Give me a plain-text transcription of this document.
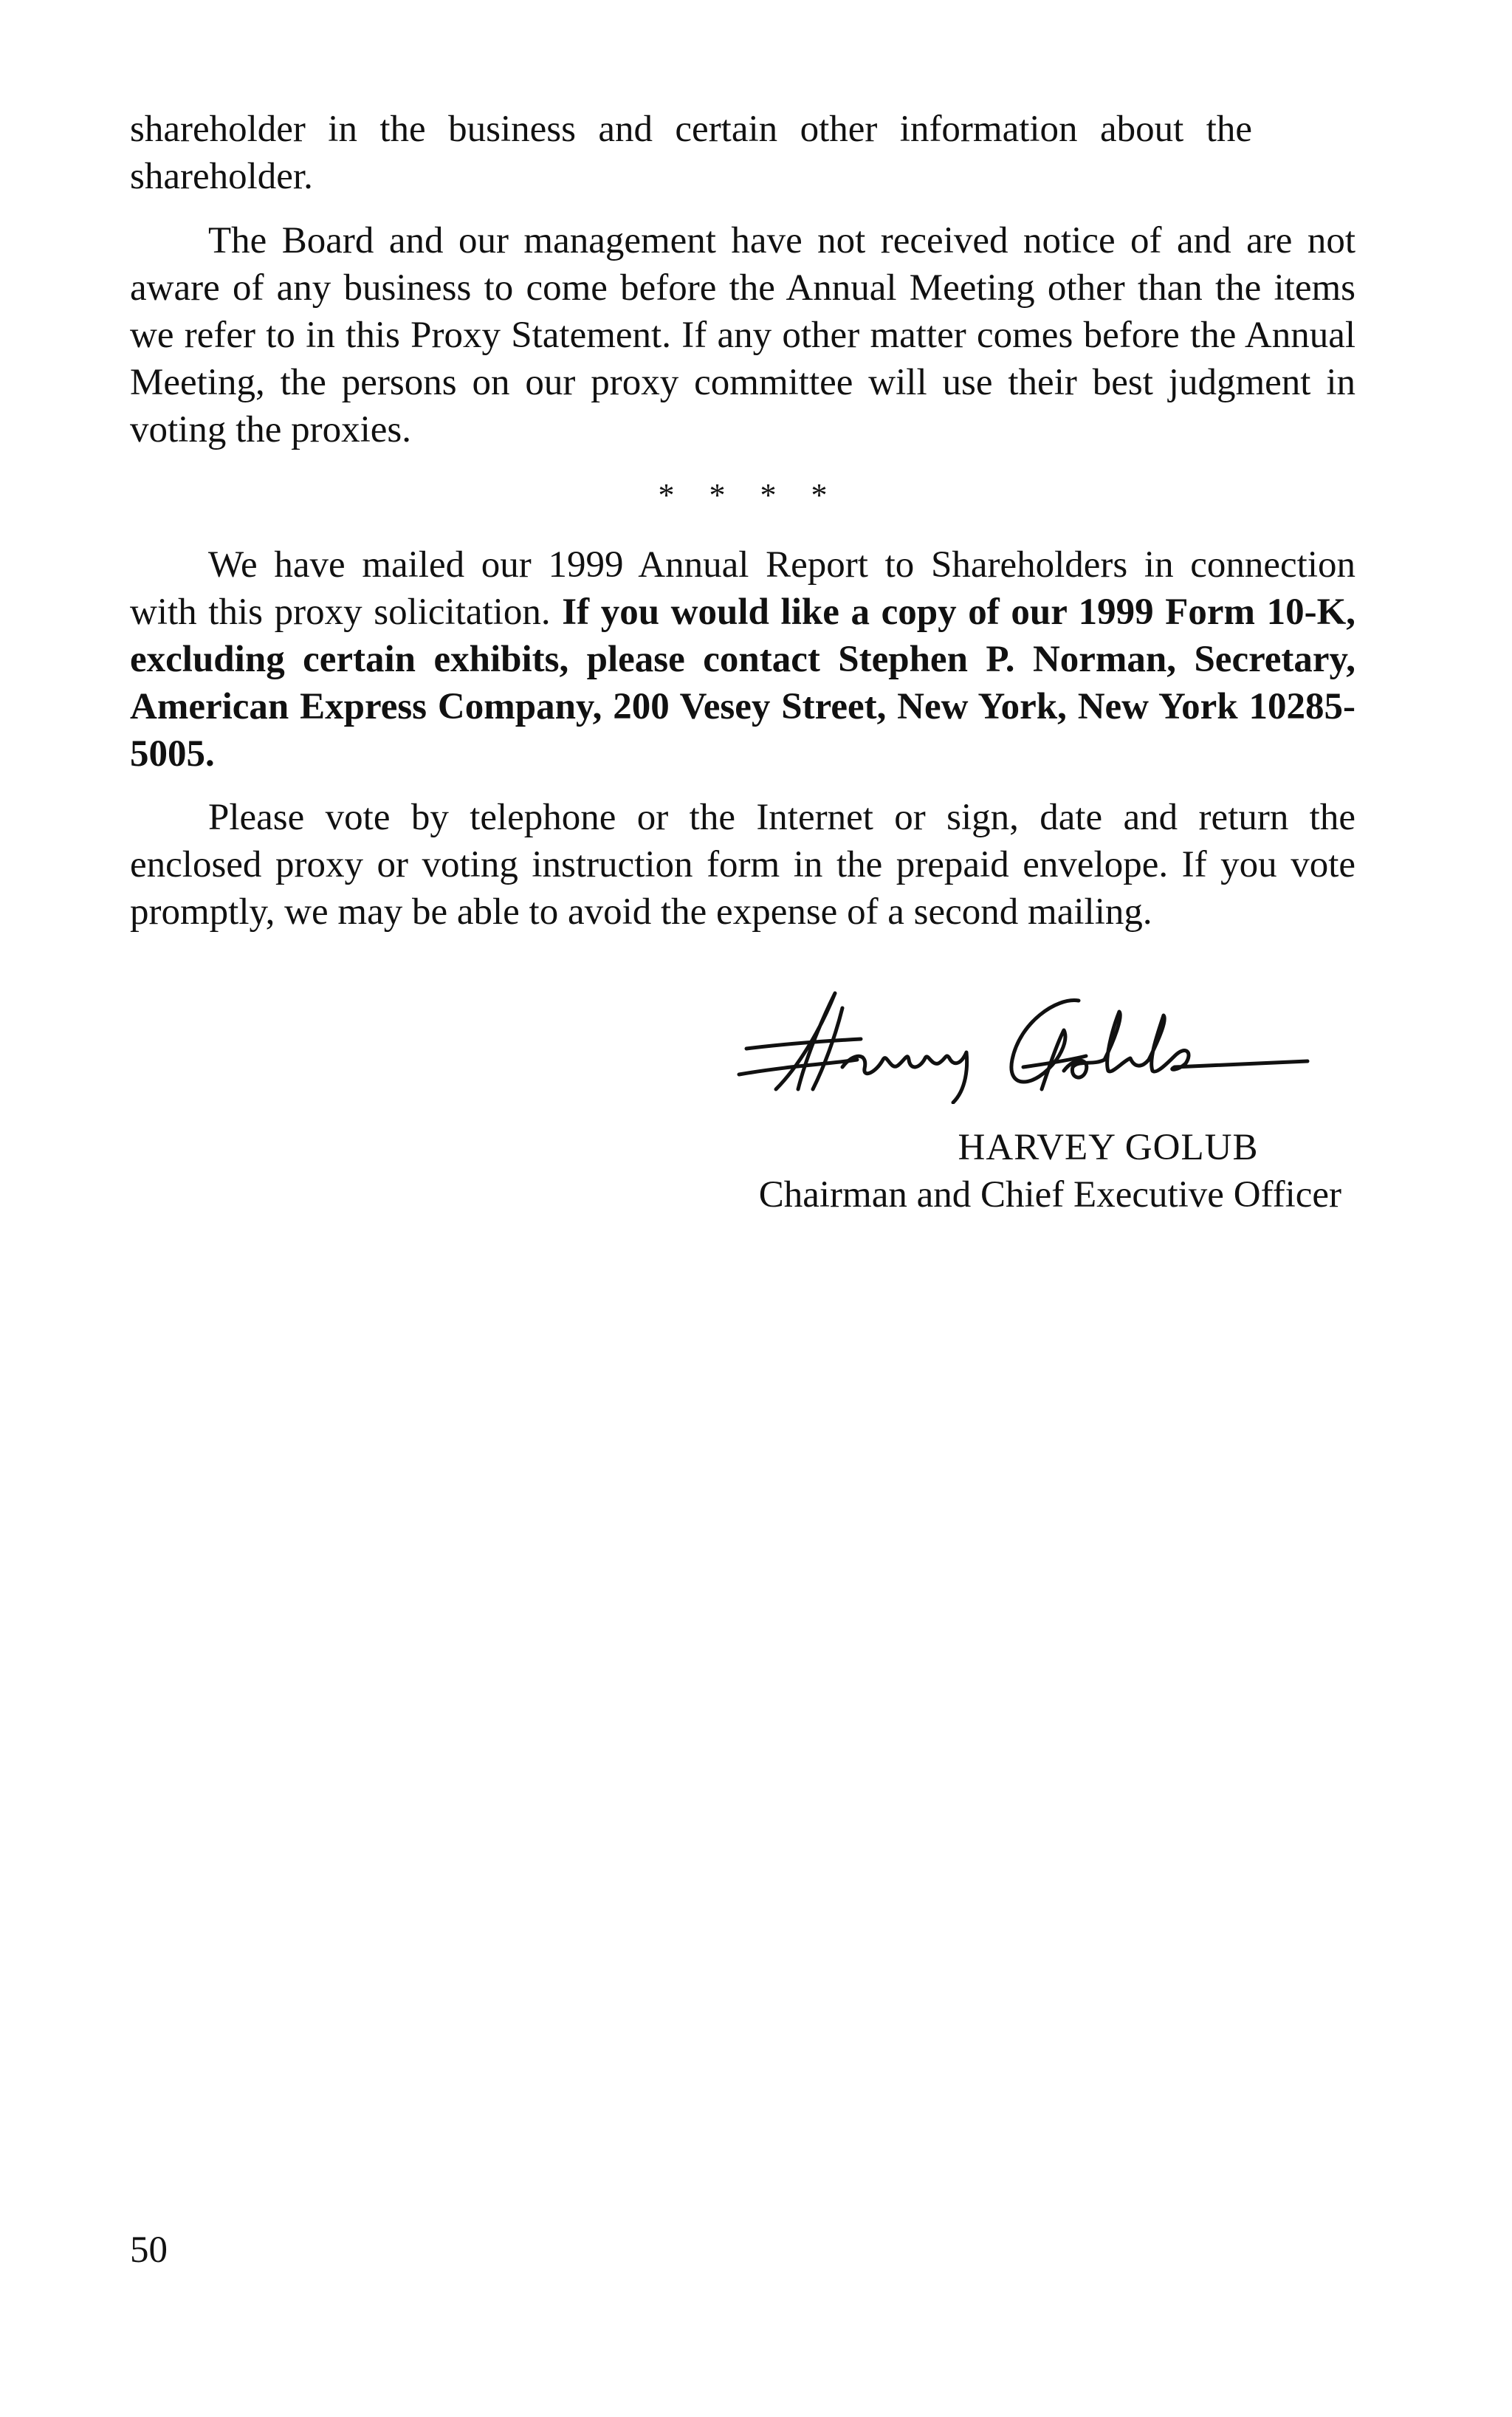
shareholder in the business and certain other information about the shareholder.

The Board and our management have not received notice of and are not aware of any business to come before the Annual Meeting other than the items we refer to in this Proxy Statement. If any other matter comes before the Annual Meeting, the persons on our proxy committee will use their best judgment in voting the proxies.

* * * *

We have mailed our 1999 Annual Report to Shareholders in connection with this proxy solicitation. If you would like a copy of our 1999 Form 10-K, excluding certain exhibits, please contact Stephen P. Norman, Secretary, American Express Company, 200 Vesey Street, New York, New York 10285-5005.

Please vote by telephone or the Internet or sign, date and return the enclosed proxy or voting instruction form in the prepaid envelope. If you vote promptly, we may be able to avoid the expense of a second mailing.

HARVEY GOLUB

Chairman and Chief Executive Officer

50
